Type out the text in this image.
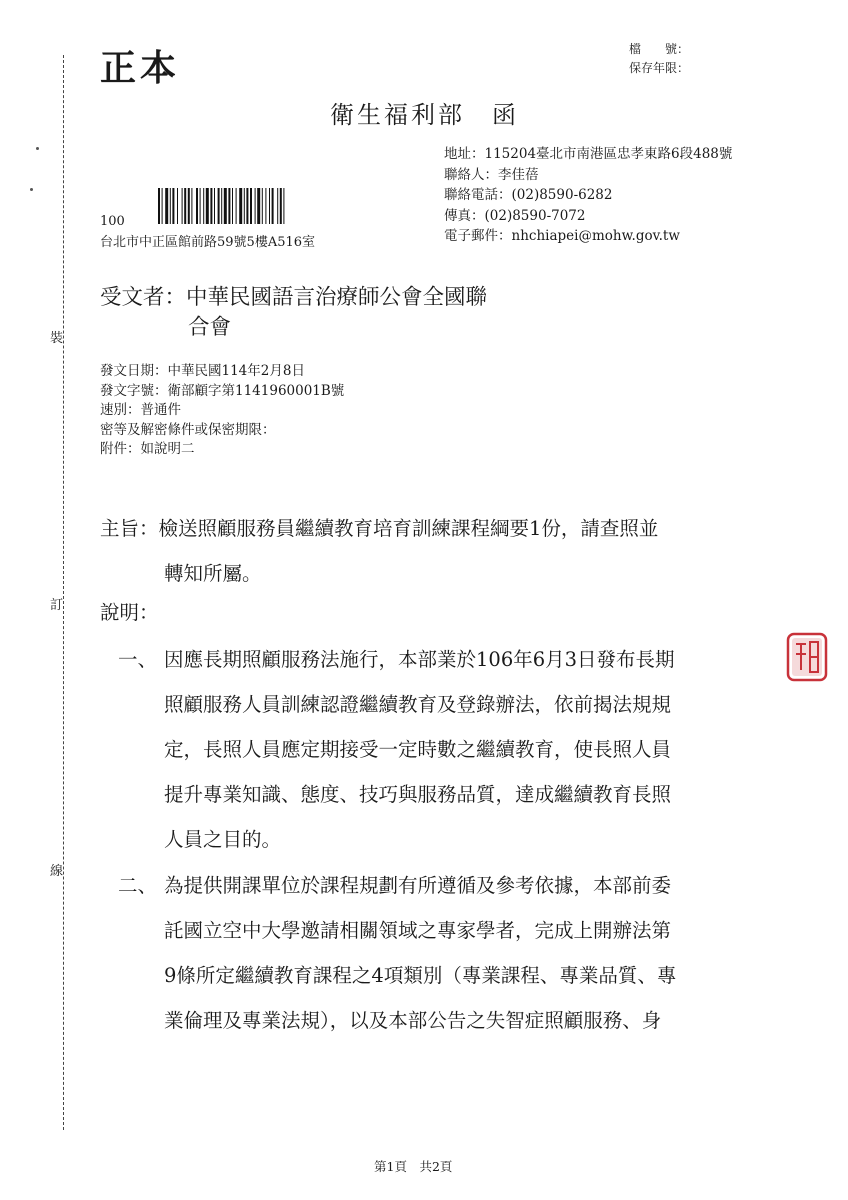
裝
訂
線
正本	檔　　號：
保存年限：
衛生福利部　函
地址：115204臺北市南港區忠孝東路6段488號
聯絡人：李佳蓓
聯絡電話：(02)8590-6282
傳真：(02)8590-7072
電子郵件：nhchiapei@mohw.gov.tw
100
台北市中正區館前路59號5樓A516室
受文者：中華民國語言治療師公會全國聯
合會
發文日期：中華民國114年2月8日
發文字號：衛部顧字第1141960001B號
速別：普通件
密等及解密條件或保密期限：
附件：如說明二
主旨：檢送照顧服務員繼續教育培育訓練課程綱要1份，請查照並
轉知所屬。
說明：
一、 因應長期照顧服務法施行，本部業於106年6月3日發布長期
照顧服務人員訓練認證繼續教育及登錄辦法，依前揭法規規
定，長照人員應定期接受一定時數之繼續教育，使長照人員
提升專業知識、態度、技巧與服務品質，達成繼續教育長照
人員之目的。
二、 為提供開課單位於課程規劃有所遵循及參考依據，本部前委
託國立空中大學邀請相關領域之專家學者，完成上開辦法第
9條所定繼續教育課程之4項類別（專業課程、專業品質、專
業倫理及專業法規），以及本部公告之失智症照顧服務、身
第1頁　共2頁
